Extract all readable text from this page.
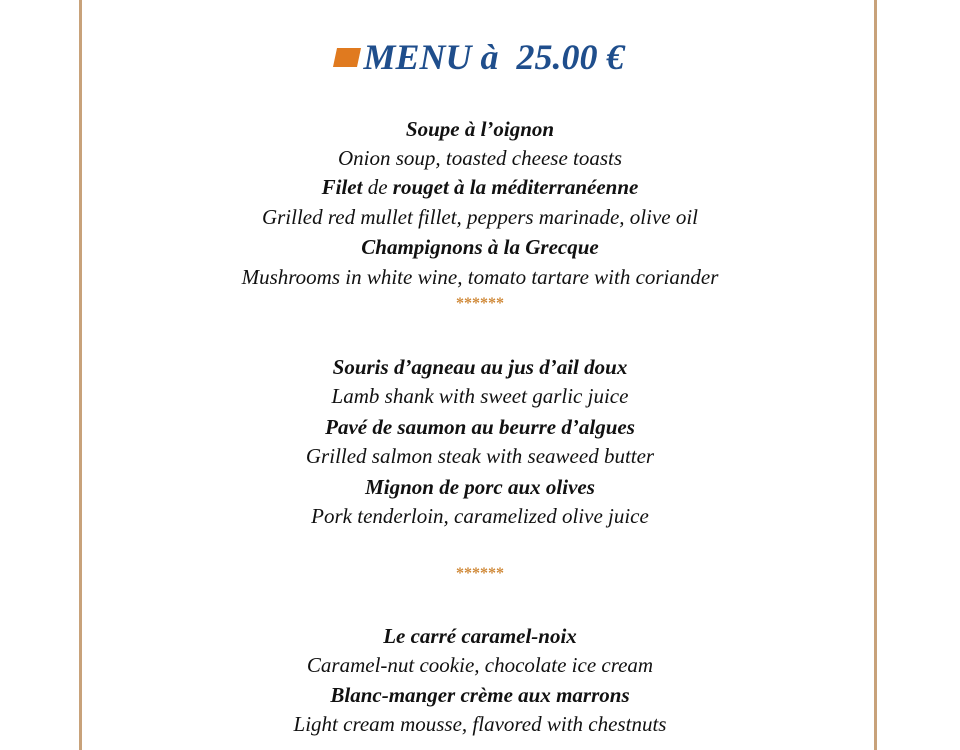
MENU à  25.00 €
Soupe à l’oignon
Onion soup, toasted cheese toasts
Filet de rouget à la méditerranéenne
Grilled red mullet fillet, peppers marinade, olive oil
Champignons à la Grecque
Mushrooms in white wine, tomato tartare with coriander
******
Souris d’agneau au jus d’ail doux
Lamb shank with sweet garlic juice
Pavé de saumon au beurre d’algues
Grilled salmon steak with seaweed butter
Mignon de porc aux olives
Pork tenderloin, caramelized olive juice
******
Le carré caramel-noix
Caramel-nut cookie, chocolate ice cream
Blanc-manger crème aux marrons
Light cream mousse, flavored with chestnuts
